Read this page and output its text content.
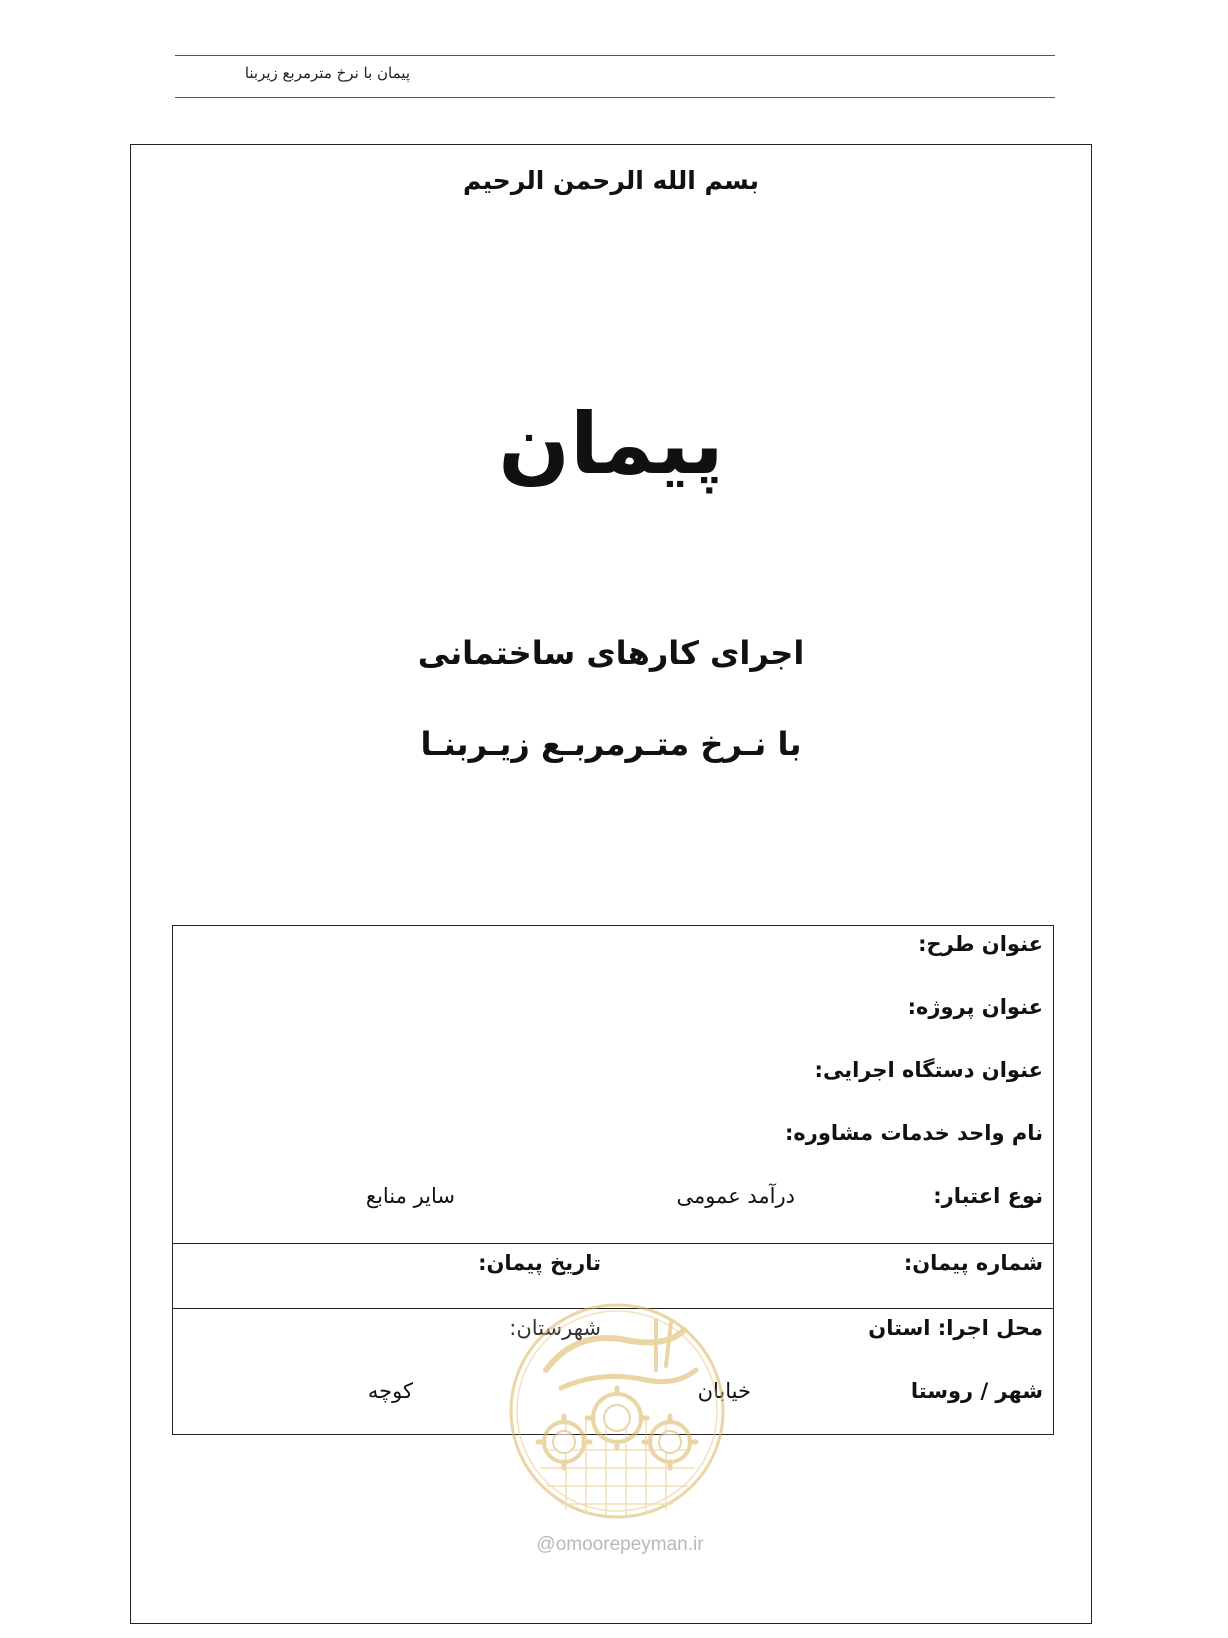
پیمان با نرخ مترمربع زیربنا
بسم الله الرحمن الرحیم
پیمان
اجرای کارهای ساختمانی
با نـرخ متـرمربـع زیـربنـا
عنوان طرح:
عنوان پروژه:
عنوان دستگاه اجرایی:
نام واحد خدمات مشاوره:
نوع اعتبار:
درآمد عمومی
سایر منابع
شماره پیمان:
تاریخ پیمان:
محل اجرا: استان
شهرستان:
شهر / روستا
خیابان
کوچه
@omoorepeyman.ir
